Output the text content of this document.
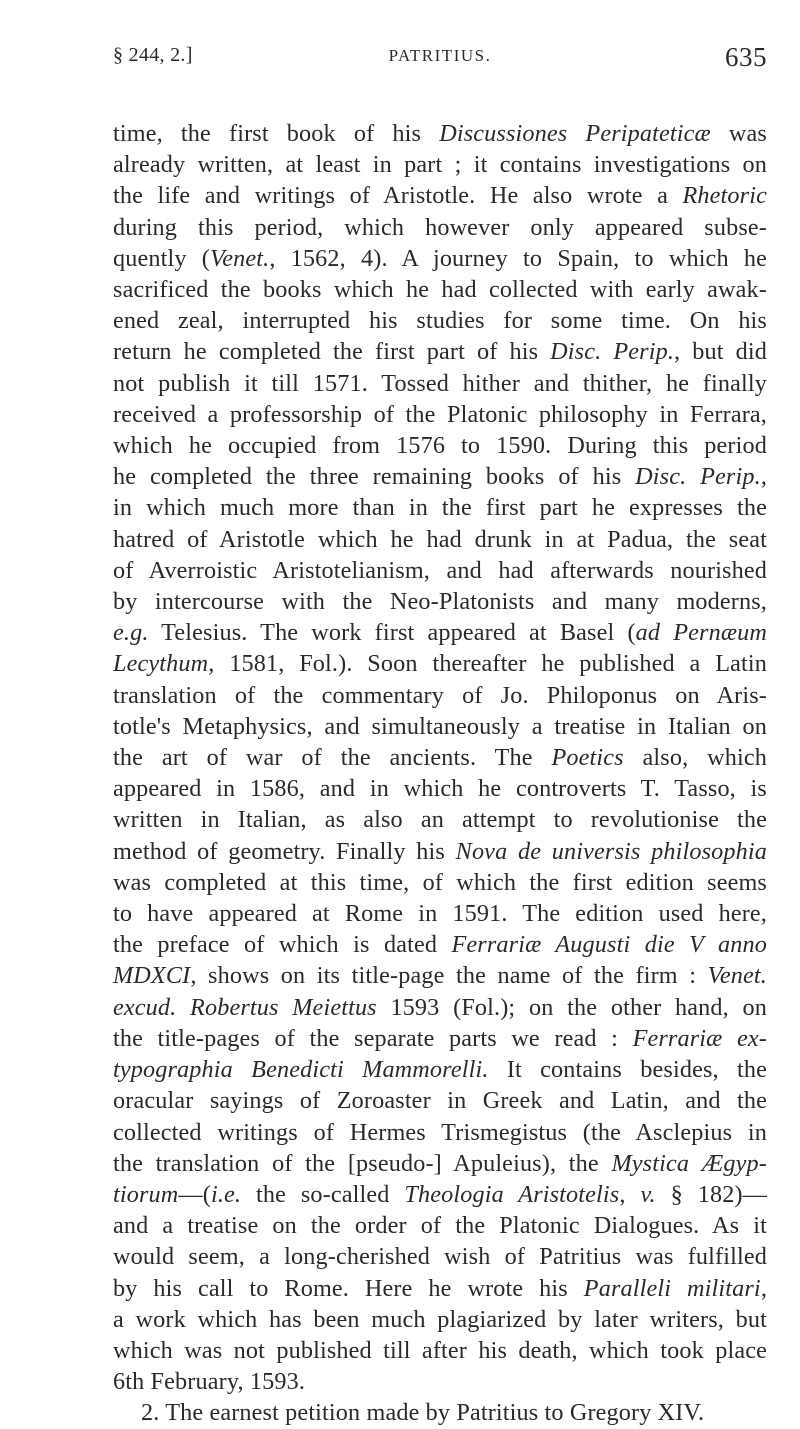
§ 244, 2.]	PATRITIUS.	635
time, the first book of his Discussiones Peripateticæ was
already written, at least in part ; it contains investigations on
the life and writings of Aristotle. He also wrote a Rhetoric
during this period, which however only appeared subse-
quently (Venet., 1562, 4). A journey to Spain, to which he
sacrificed the books which he had collected with early awak-
ened zeal, interrupted his studies for some time. On his
return he completed the first part of his Disc. Perip., but did
not publish it till 1571. Tossed hither and thither, he finally
received a professorship of the Platonic philosophy in Ferrara,
which he occupied from 1576 to 1590. During this period
he completed the three remaining books of his Disc. Perip.,
in which much more than in the first part he expresses the
hatred of Aristotle which he had drunk in at Padua, the seat
of Averroistic Aristotelianism, and had afterwards nourished
by intercourse with the Neo-Platonists and many moderns,
e.g. Telesius. The work first appeared at Basel (ad Pernæum
Lecythum, 1581, Fol.). Soon thereafter he published a Latin
translation of the commentary of Jo. Philoponus on Aris-
totle's Metaphysics, and simultaneously a treatise in Italian on
the art of war of the ancients. The Poetics also, which
appeared in 1586, and in which he controverts T. Tasso, is
written in Italian, as also an attempt to revolutionise the
method of geometry. Finally his Nova de universis philosophia
was completed at this time, of which the first edition seems
to have appeared at Rome in 1591. The edition used here,
the preface of which is dated Ferrariæ Augusti die V anno
MDXCI, shows on its title-page the name of the firm : Venet.
excud. Robertus Meiettus 1593 (Fol.); on the other hand, on
the title-pages of the separate parts we read : Ferrariæ ex-
typographia Benedicti Mammorelli. It contains besides, the
oracular sayings of Zoroaster in Greek and Latin, and the
collected writings of Hermes Trismegistus (the Asclepius in
the translation of the [pseudo-] Apuleius), the Mystica Ægyp-
tiorum—(i.e. the so-called Theologia Aristotelis, v. § 182)—
and a treatise on the order of the Platonic Dialogues. As it
would seem, a long-cherished wish of Patritius was fulfilled
by his call to Rome. Here he wrote his Paralleli militari,
a work which has been much plagiarized by later writers, but
which was not published till after his death, which took place
6th February, 1593.
2. The earnest petition made by Patritius to Gregory XIV.
